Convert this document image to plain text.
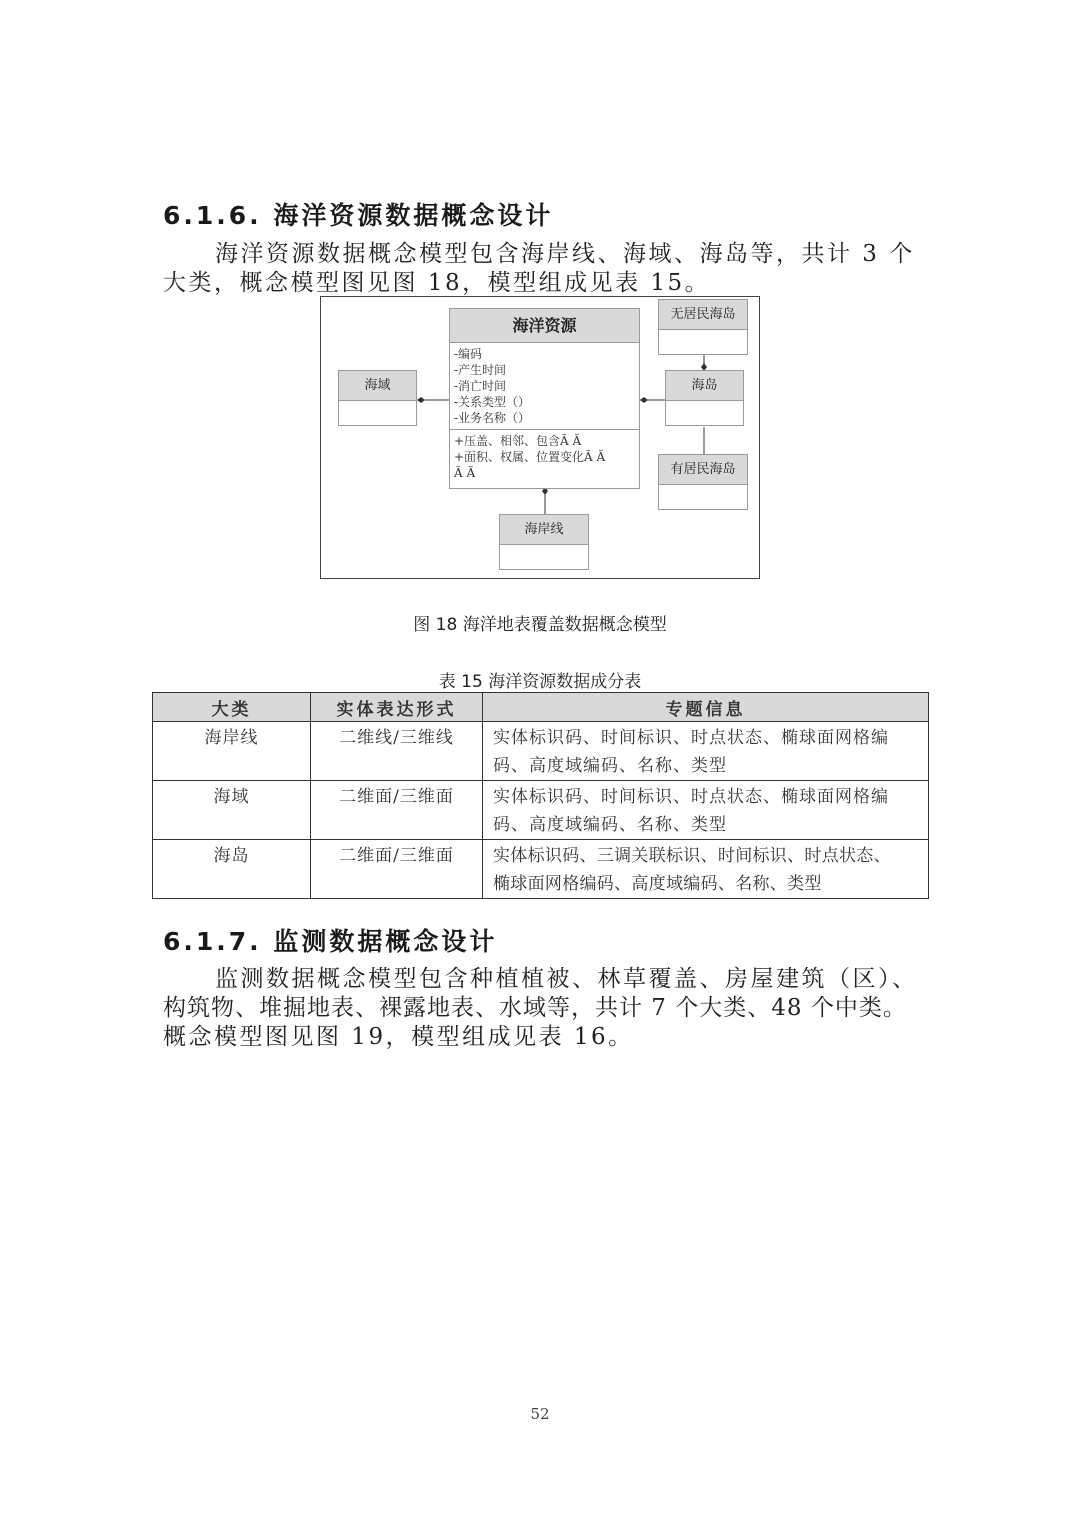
6.1.6. 海洋资源数据概念设计

海洋资源数据概念模型包含海岸线、海域、海岛等，共计 3 个

大类，概念模型图见图 18，模型组成见表 15。

海洋资源
-编码
-产生时间
-消亡时间
-关系类型（）
-业务名称（）
+压盖、相邻、包含Ã Ã
+面积、权属、位置变化Ã Ã
Ã Ã
海域	海岛
无居民海岛
有居民海岛
海岸线
图 18 海洋地表覆盖数据概念模型
表 15 海洋资源数据成分表
大类	实体表达形式	专题信息
海岸线	二维线/三维线	实体标识码、时间标识、时点状态、椭球面网格编
码、高度域编码、名称、类型

海域	二维面/三维面	实体标识码、时间标识、时点状态、椭球面网格编
码、高度域编码、名称、类型

海岛	二维面/三维面	实体标识码、三调关联标识、时间标识、时点状态、
椭球面网格编码、高度域编码、名称、类型
6.1.7. 监测数据概念设计

监测数据概念模型包含种植植被、林草覆盖、房屋建筑（区）、

构筑物、堆掘地表、裸露地表、水域等，共计 7 个大类、48 个中类。

概念模型图见图 19，模型组成见表 16。

52
